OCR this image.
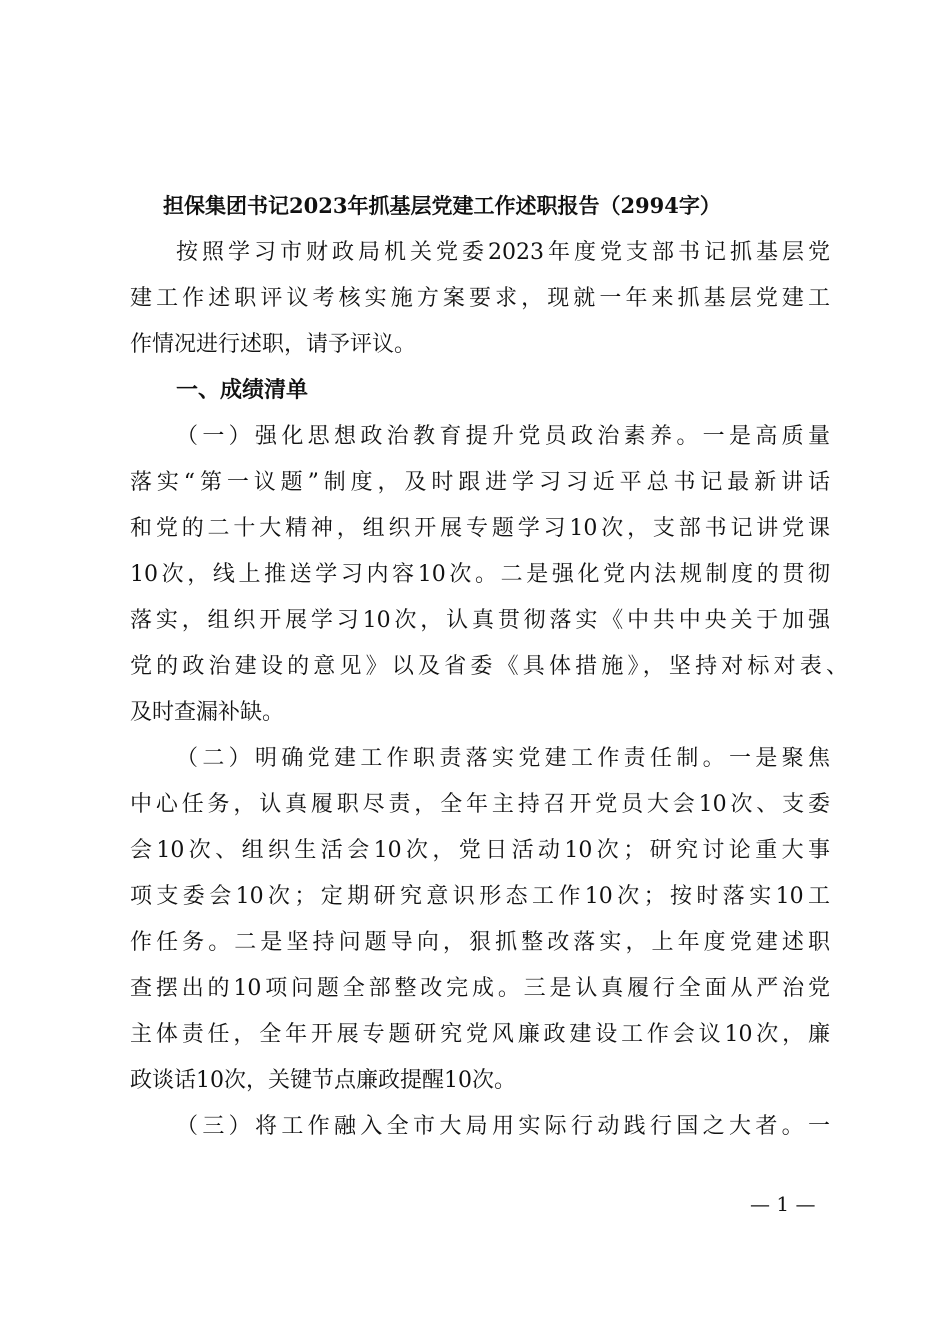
担保集团书记2023年抓基层党建工作述职报告（2994字）
按照学习市财政局机关党委2023年度党支部书记抓基层党
建工作述职评议考核实施方案要求，现就一年来抓基层党建工
作情况进行述职，请予评议。
一、成绩清单
（一）强化思想政治教育提升党员政治素养。一是高质量
落实“第一议题”制度，及时跟进学习习近平总书记最新讲话
和党的二十大精神，组织开展专题学习10次，支部书记讲党课
10次，线上推送学习内容10次。二是强化党内法规制度的贯彻
落实，组织开展学习10次，认真贯彻落实《中共中央关于加强
党的政治建设的意见》以及省委《具体措施》，坚持对标对表、
及时查漏补缺。
（二）明确党建工作职责落实党建工作责任制。一是聚焦
中心任务，认真履职尽责，全年主持召开党员大会10次、支委
会10次、组织生活会10次，党日活动10次；研究讨论重大事
项支委会10次；定期研究意识形态工作10次；按时落实10工
作任务。二是坚持问题导向，狠抓整改落实，上年度党建述职
查摆出的10项问题全部整改完成。三是认真履行全面从严治党
主体责任，全年开展专题研究党风廉政建设工作会议10次，廉
政谈话10次，关键节点廉政提醒10次。
（三）将工作融入全市大局用实际行动践行国之大者。一
— 1 —
